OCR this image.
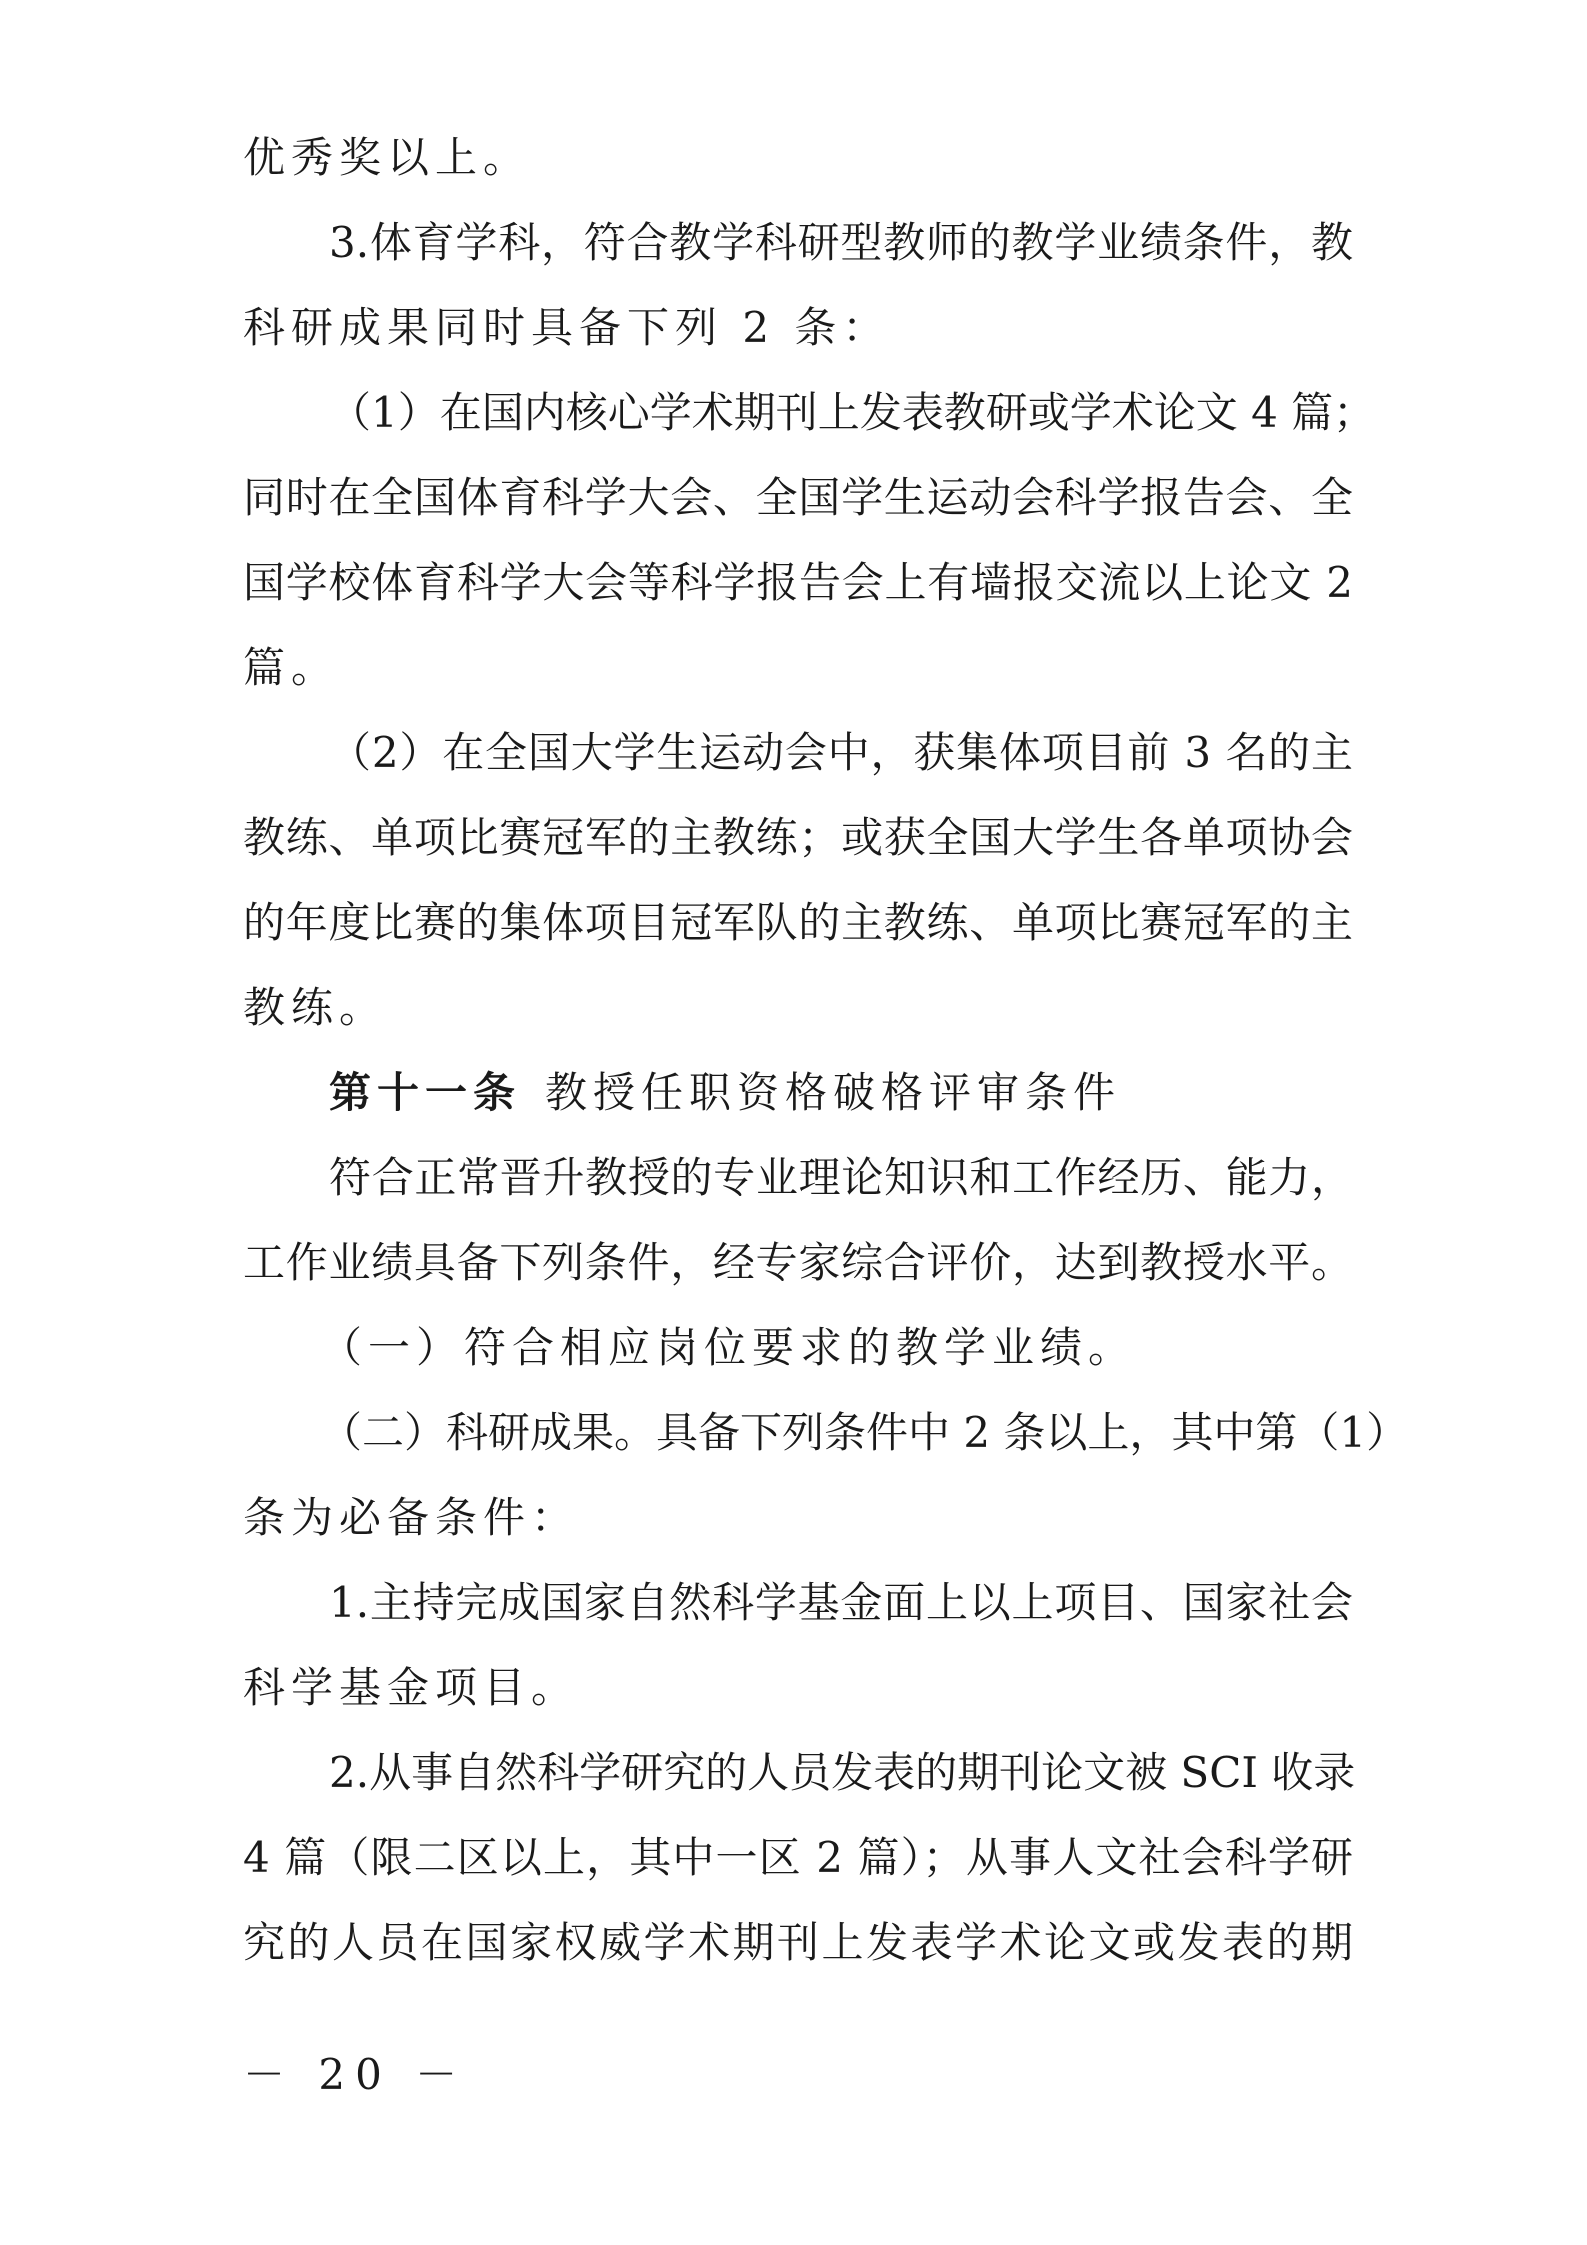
优秀奖以上。
3.体育学科，符合教学科研型教师的教学业绩条件，教
科研成果同时具备下列 2 条：
（1）在国内核心学术期刊上发表教研或学术论文 4 篇；
同时在全国体育科学大会、全国学生运动会科学报告会、全
国学校体育科学大会等科学报告会上有墙报交流以上论文 2
篇。
（2）在全国大学生运动会中，获集体项目前 3 名的主
教练、单项比赛冠军的主教练；或获全国大学生各单项协会
的年度比赛的集体项目冠军队的主教练、单项比赛冠军的主
教练。
第十一条 教授任职资格破格评审条件
符合正常晋升教授的专业理论知识和工作经历、能力，
工作业绩具备下列条件，经专家综合评价，达到教授水平。
（一）符合相应岗位要求的教学业绩。
（二）科研成果。具备下列条件中 2 条以上，其中第（1）
条为必备条件：
1.主持完成国家自然科学基金面上以上项目、国家社会
科学基金项目。
2.从事自然科学研究的人员发表的期刊论文被 SCI 收录
4 篇（限二区以上，其中一区 2 篇）；从事人文社会科学研
究的人员在国家权威学术期刊上发表学术论文或发表的期
－ 20 －
